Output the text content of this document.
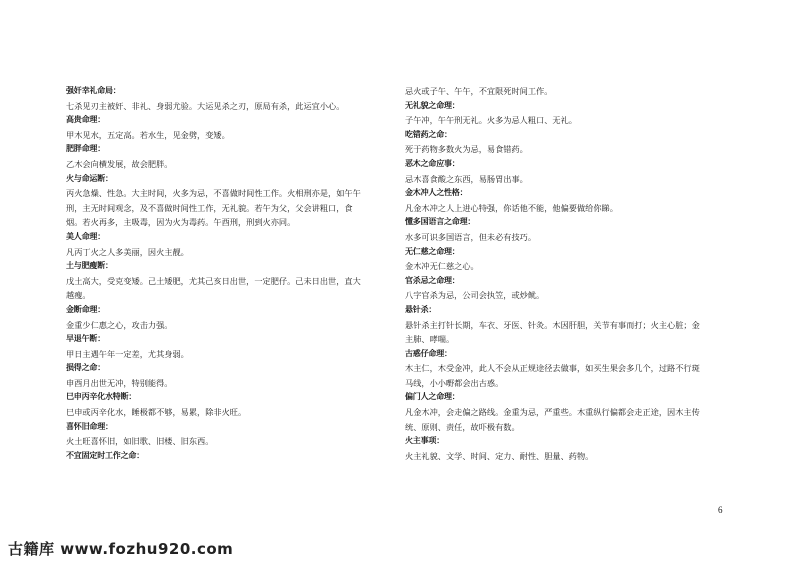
强奸幸礼命局：
七杀见刃主被奸、非礼、身弱尤验。大运见杀之刃，原局有杀，此运宜小心。
高贵命理：
甲木见水，五定高。若水生，见金劈，变矮。
肥胖命理：
乙木会向横发展，故会肥胖。
火与命运断：
丙火急燥、性急。大主时间，火多为忌，不喜做时间性工作。火相刑亦是，如午午刑，主无时间观念，及不喜做时间性工作，无礼貌。若午为父，父会讲粗口，食烟。若火再多，主吸毒，因为火为毒药。午酉刑，刑到火亦同。
美人命理：
凡丙丁火之人多美丽，因火主靓。
土与肥瘦断：
戊土高大，受克变矮。己土矮肥，尤其己亥日出世，一定肥仔。己未日出世，直大越瘦。
金断命理：
金重少仁惠之心，攻击力强。
早退午断：
甲日主遇午年一定差，尤其身弱。
损得之命：
申酉月出世无冲，特别能得。
巳申丙辛化水特断：
巳申或丙辛化水，睡极都不够，易累，除非火旺。
喜怀旧命理：
火土旺喜怀旧，如旧歌、旧楼、旧东西。
不宜固定时工作之命：
忌火或子午、午午，不宜限死时间工作。
无礼貌之命理：
子午冲，午午刑无礼。火多为忌人粗口、无礼。
吃错药之命：
死于药物多数火为忌，易食错药。
恶木之命应事：
忌木喜食酸之东西，易肠胃出事。
金木冲人之性格：
凡金木冲之人上进心特强，你话他不能，他偏要做给你睇。
懂多国语言之命理：
水多可识多国语言，但未必有技巧。
无仁慈之命理：
金木冲无仁慈之心。
官杀忌之命理：
八字官杀为忌，公司会执笠，或炒鱿。
悬针杀：
悬针杀主打针长期，车衣、牙医、针灸。木因肝胆，关节有事而打；火主心脏；金主肺、哮喘。
古惑仔命理：
木主仁，木受金冲，此人不会从正规途径去做事，如买生果会多几个，过路不行斑马线，小小嘢都会出古惑。
偏门人之命理：
凡金木冲，会走偏之路线。金重为忌，严重些。木重纵行偏都会走正途，因木主传统、原则、责任，故吓极有数。
火主事项：
火主礼貌、文学、时间、定力、耐性、胆量、药物。
6
古籍库 www.fozhu920.com
